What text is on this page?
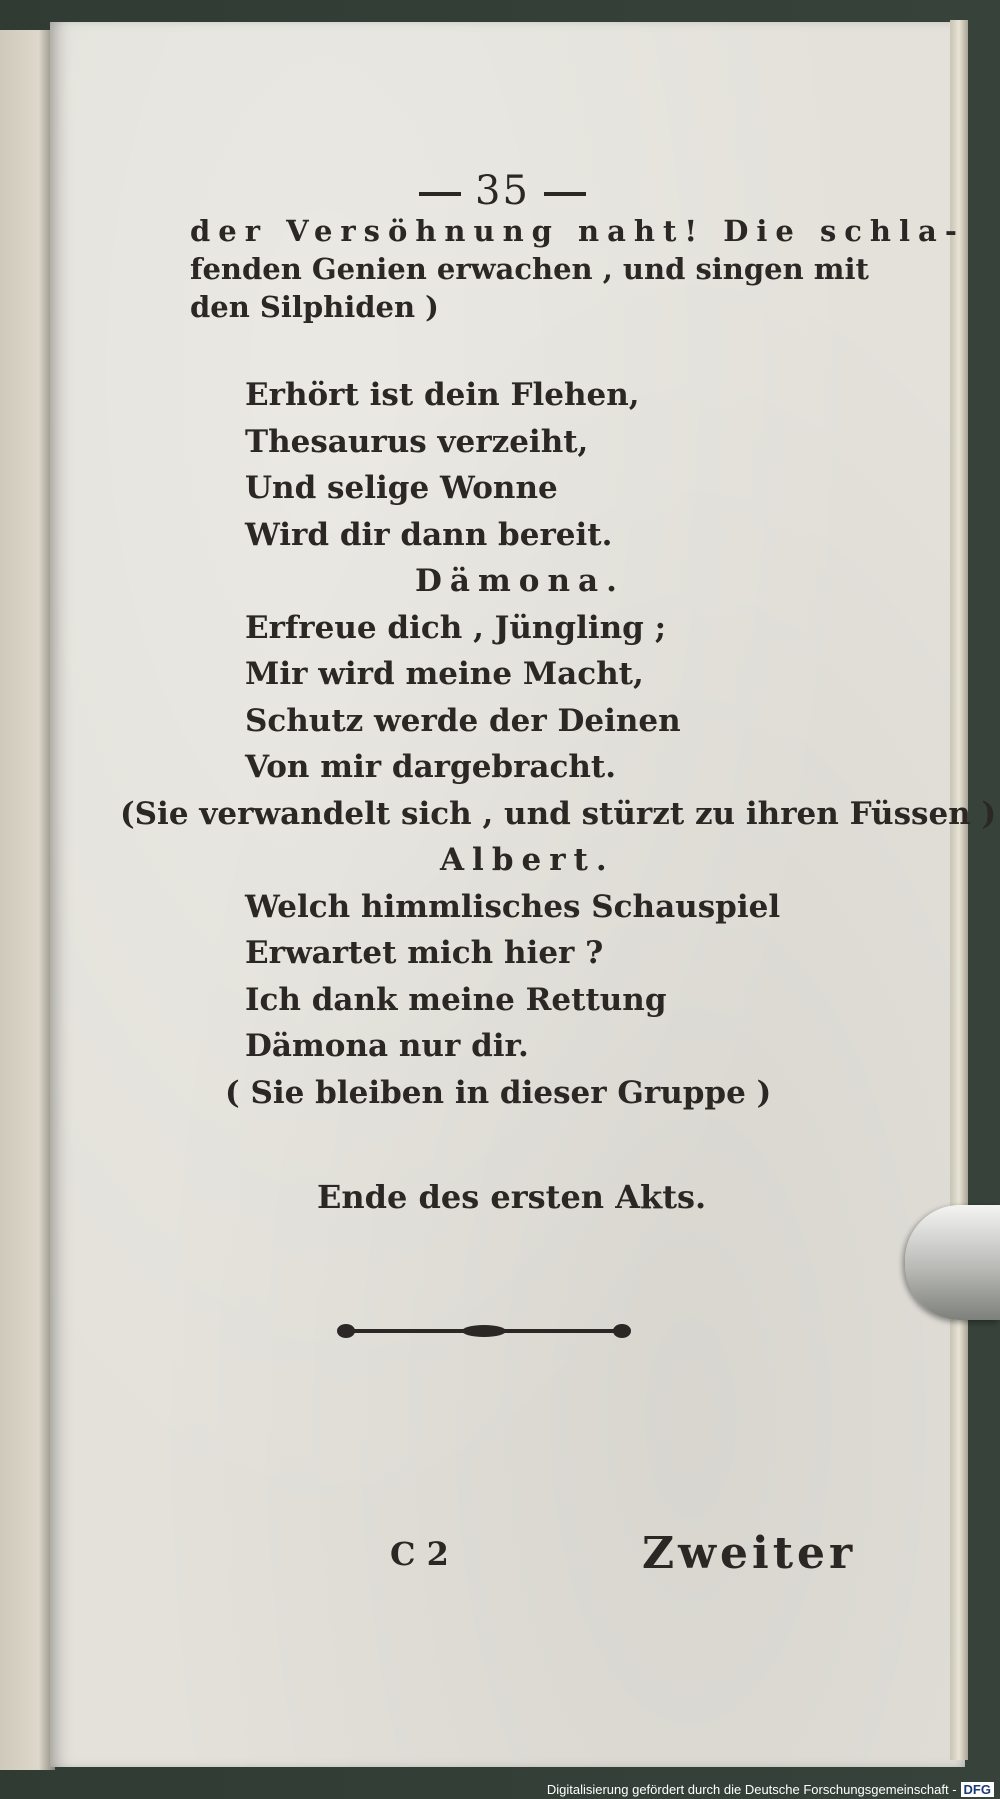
35
der Versöhnung naht! Die schla-
fenden Genien erwachen , und singen mit
den Silphiden )
Erhört ist dein Flehen,
Thesaurus verzeiht,
Und selige Wonne
Wird dir dann bereit.
Dämona.
Erfreue dich , Jüngling ;
Mir wird meine Macht,
Schutz werde der Deinen
Von mir dargebracht.
(Sie verwandelt sich , und stürzt zu ihren Füssen )
Albert.
Welch himmlisches Schauspiel
Erwartet mich hier ?
Ich dank meine Rettung
Dämona nur dir.
( Sie bleiben in dieser Gruppe )
Ende des ersten Akts.
C 2	Zweiter
Digitalisierung gefördert durch die Deutsche Forschungsgemeinschaft - DFG
